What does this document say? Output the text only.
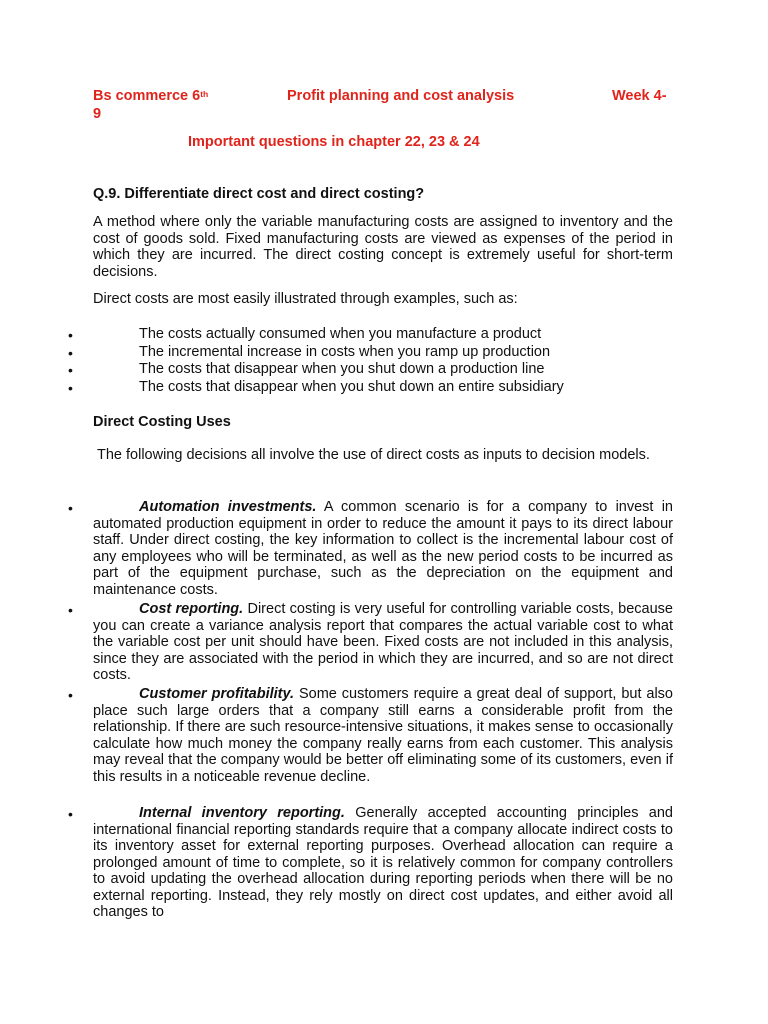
Bs commerce 6th	Profit planning and cost analysis	Week 4-
9
Important questions in chapter 22, 23 & 24
Q.9. Differentiate direct cost and direct costing?
A method where only the variable manufacturing costs are assigned to inventory and the cost of goods sold. Fixed manufacturing costs are viewed as expenses of the period in which they are incurred. The direct costing concept is extremely useful for short-term decisions.
Direct costs are most easily illustrated through examples, such as:
•	The costs actually consumed when you manufacture a product
•	The incremental increase in costs when you ramp up production
•	The costs that disappear when you shut down a production line
•	The costs that disappear when you shut down an entire subsidiary
Direct Costing Uses
The following decisions all involve the use of direct costs as inputs to decision models.
•	Automation investments. A common scenario is for a company to invest in automated production equipment in order to reduce the amount it pays to its direct labour staff. Under direct costing, the key information to collect is the incremental labour cost of any employees who will be terminated, as well as the new period costs to be incurred as part of the equipment purchase, such as the depreciation on the equipment and maintenance costs.
•	Cost reporting. Direct costing is very useful for controlling variable costs, because you can create a variance analysis report that compares the actual variable cost to what the variable cost per unit should have been. Fixed costs are not included in this analysis, since they are associated with the period in which they are incurred, and so are not direct costs.
•	Customer profitability. Some customers require a great deal of support, but also place such large orders that a company still earns a considerable profit from the relationship. If there are such resource-intensive situations, it makes sense to occasionally calculate how much money the company really earns from each customer. This analysis may reveal that the company would be better off eliminating some of its customers, even if this results in a noticeable revenue decline.
•	Internal inventory reporting. Generally accepted accounting principles and international financial reporting standards require that a company allocate indirect costs to its inventory asset for external reporting purposes. Overhead allocation can require a prolonged amount of time to complete, so it is relatively common for company controllers to avoid updating the overhead allocation during reporting periods when there will be no external reporting. Instead, they rely mostly on direct cost updates, and either avoid all changes to
